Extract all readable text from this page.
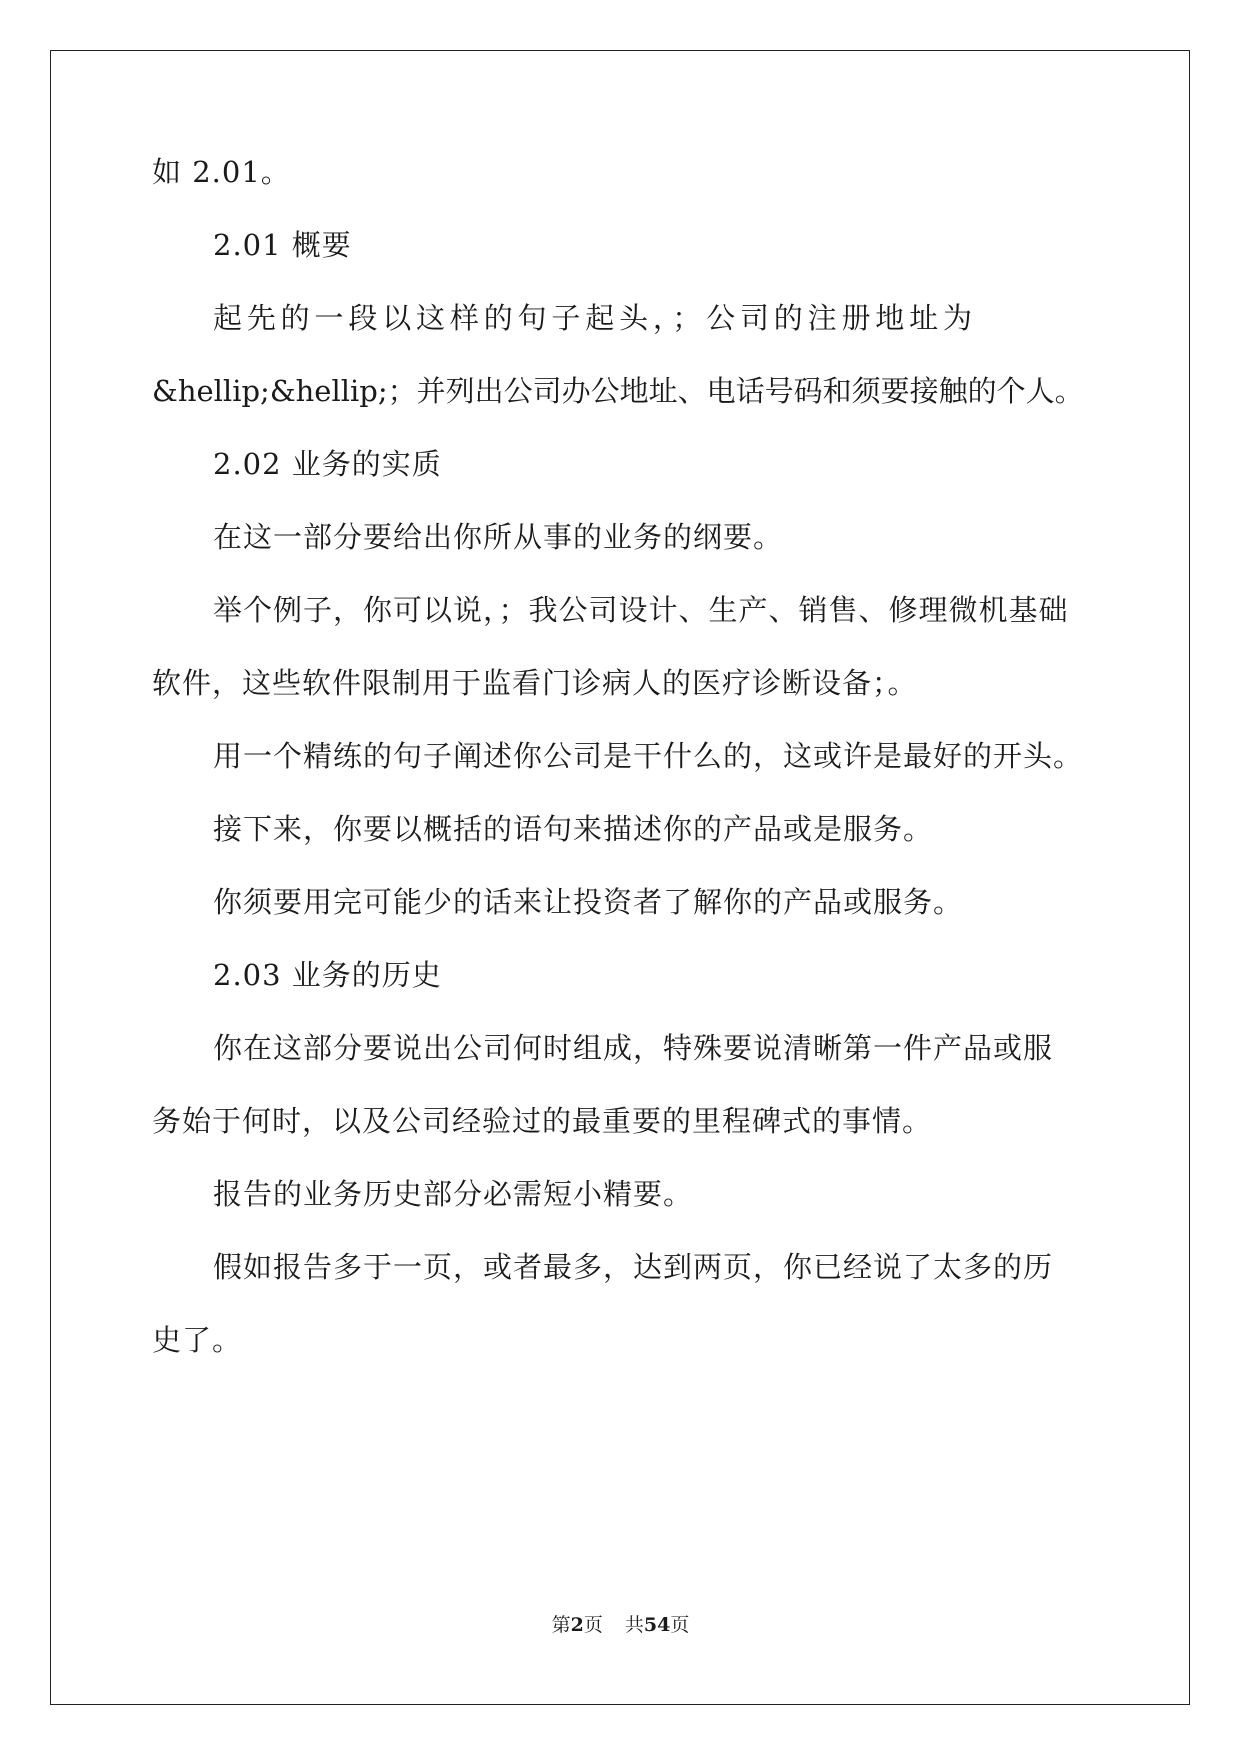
如 2.01。
2.01 概要
起先的一段以这样的句子起头，；公司的注册地址为
&hellip;&hellip;；并列出公司办公地址、电话号码和须要接触的个人。
2.02 业务的实质
在这一部分要给出你所从事的业务的纲要。
举个例子，你可以说，；我公司设计、生产、销售、修理微机基础
软件，这些软件限制用于监看门诊病人的医疗诊断设备；。
用一个精练的句子阐述你公司是干什么的，这或许是最好的开头。
接下来，你要以概括的语句来描述你的产品或是服务。
你须要用完可能少的话来让投资者了解你的产品或服务。
2.03 业务的历史
你在这部分要说出公司何时组成，特殊要说清晰第一件产品或服
务始于何时，以及公司经验过的最重要的里程碑式的事情。
报告的业务历史部分必需短小精要。
假如报告多于一页，或者最多，达到两页，你已经说了太多的历
史了。
第2页 共54页
